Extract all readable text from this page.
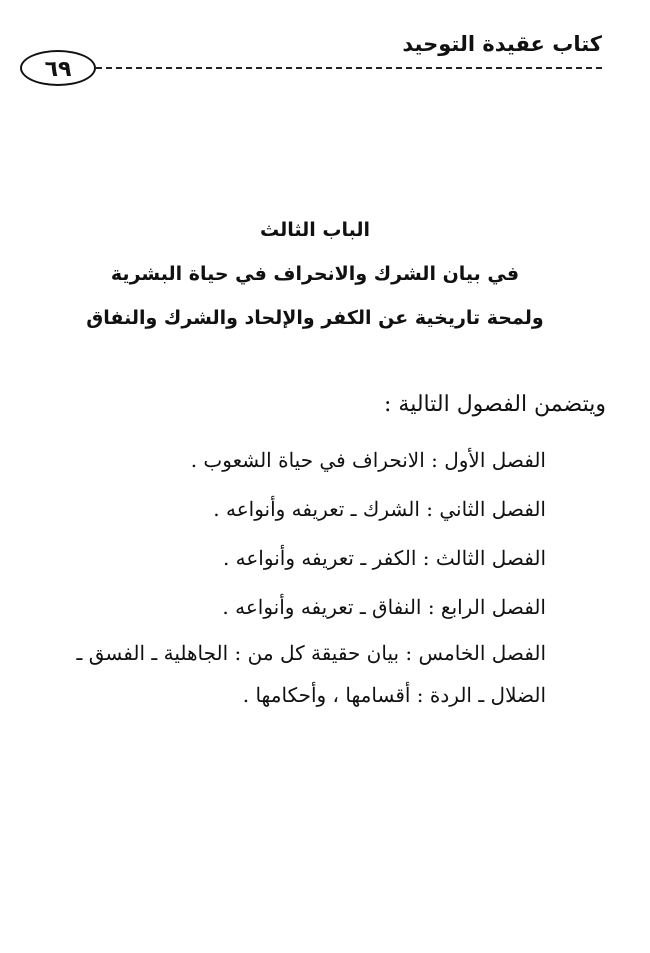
كتاب عقيدة التوحيد
٦٩
الباب الثالث
في بيان الشرك والانحراف في حياة البشرية
ولمحة تاريخية عن الكفر والإلحاد والشرك والنفاق
ويتضمن الفصول التالية :
الفصل الأول : الانحراف في حياة الشعوب .
الفصل الثاني : الشرك ـ تعريفه وأنواعه .
الفصل الثالث : الكفر ـ تعريفه وأنواعه .
الفصل الرابع : النفاق ـ تعريفه وأنواعه .
الفصل الخامس : بيان حقيقة كل من : الجاهلية ـ الفسق ـ الضلال ـ الردة : أقسامها ، وأحكامها .
